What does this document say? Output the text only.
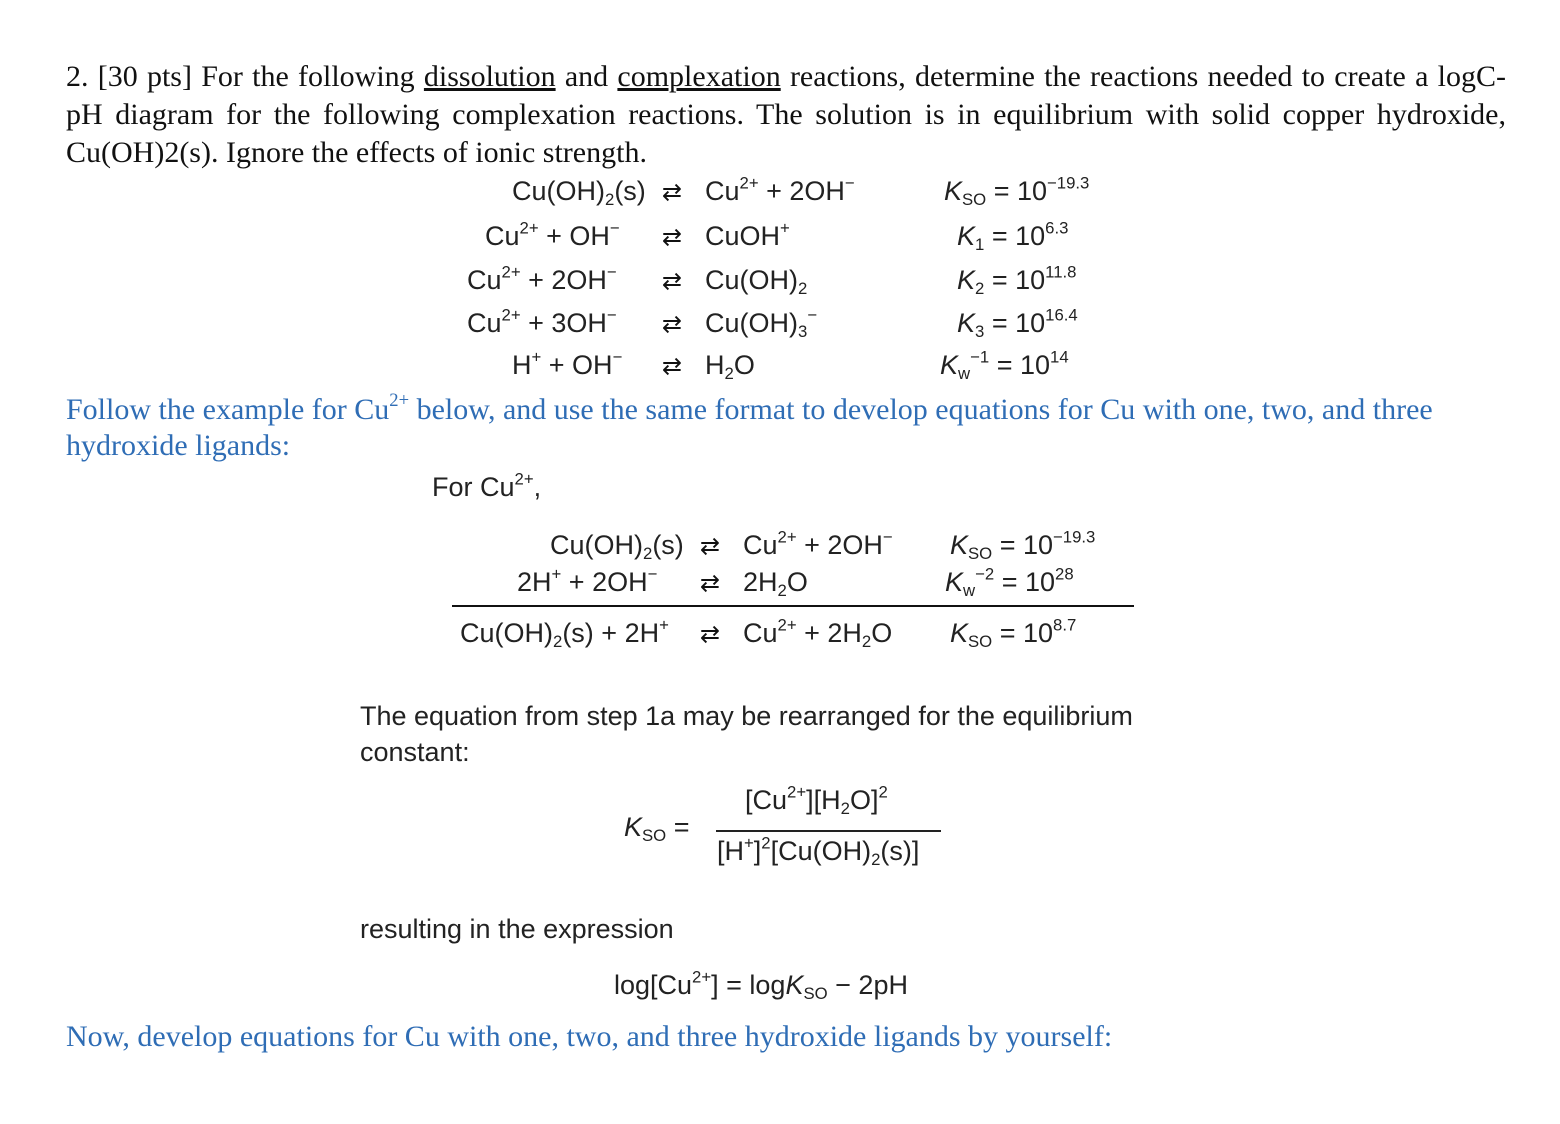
2. [30 pts] For the following dissolution and complexation reactions, determine the reactions needed to create a logC-pH diagram for the following complexation reactions. The solution is in equilibrium with solid copper hydroxide, Cu(OH)2(s). Ignore the effects of ionic strength.
$Cu(OH)_2(s)$ ⇄ $Cu^{2+} + 2OH^-$	$K_{SO} = 10^{-19.3}$
$Cu^{2+} + OH^-$ ⇄ CuOH+	$K_1 = 10^{6.3}$
$Cu^{2+} + 2OH^-$ ⇄ $Cu(OH)_2$	$K_2 = 10^{11.8}$
$Cu^{2+} + 3OH^-$ ⇄ $Cu(OH)_3^-$	$K_3 = 10^{16.4}$
H+ + OH− ⇄ $H_2O$	$K_w^{-1} = 10^{14}$
Follow the example for $Cu^{2+}$ below, and use the same format to develop equations for Cu with one, two, and three hydroxide ligands:
For $Cu^{2+}$,
$Cu(OH)_2(s)$ ⇄ $Cu^{2+} + 2OH^-$ $K_{SO} = 10^{-19.3}$
2H+ + 2OH− ⇄ $2H_2O$	$K_w^{-2} = 10^{28}$
$Cu(OH)_2(s) + 2H^+$ ⇄ $Cu^{2+} + 2H_2O$ $K_{SO} = 10^{8.7}$
The equation from step 1a may be rearranged for the equilibrium constant:
$K_{SO}$ =
$[Cu^{2+}][H_2O]^2$
$[H^+]^2[Cu(OH)_2(s)]$
resulting in the expression
$\log[Cu^{2+}] = \log K_{SO} - 2pH$
Now, develop equations for Cu with one, two, and three hydroxide ligands by yourself:
